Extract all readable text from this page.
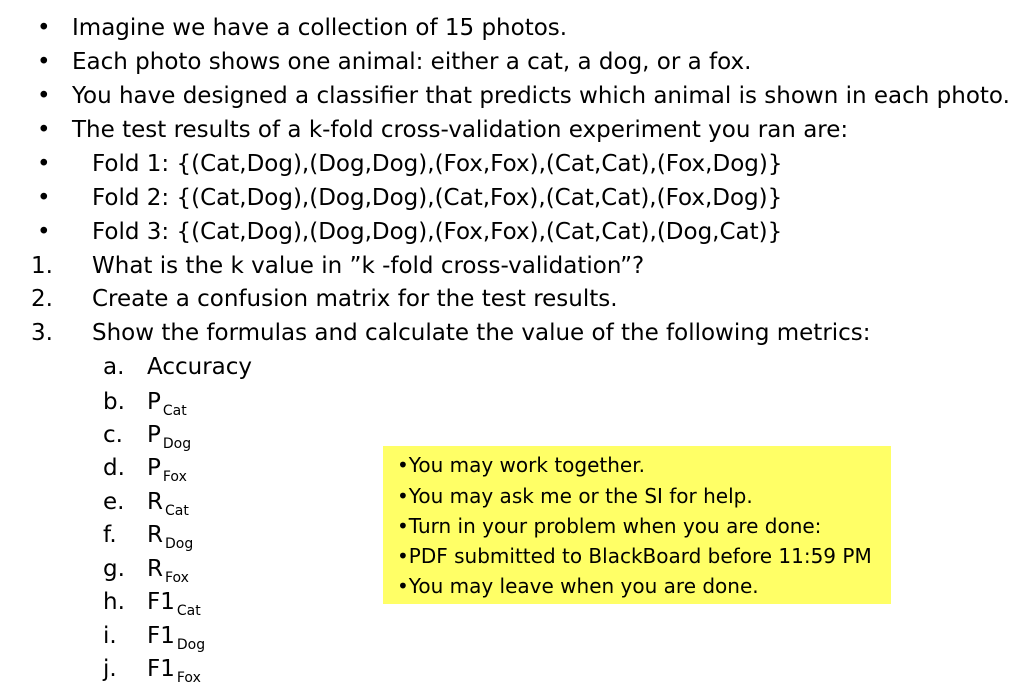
• Imagine we have a collection of 15 photos.
• Each photo shows one animal: either a cat, a dog, or a fox.
• You have designed a classifier that predicts which animal is shown in each photo.
• The test results of a k-fold cross-validation experiment you ran are:
• Fold 1: {(Cat,Dog),(Dog,Dog),(Fox,Fox),(Cat,Cat),(Fox,Dog)}
• Fold 2: {(Cat,Dog),(Dog,Dog),(Cat,Fox),(Cat,Cat),(Fox,Dog)}
• Fold 3: {(Cat,Dog),(Dog,Dog),(Fox,Fox),(Cat,Cat),(Dog,Cat)}
1. What is the k value in ”k -fold cross-validation”?
2. Create a confusion matrix for the test results.
3. Show the formulas and calculate the value of the following metrics:
a. Accuracy
b. P $_{Cat}$
c. P $_{Dog}$
d. P $_{Fox}$
e. R $_{Cat}$
f. R $_{Dog}$
g. R $_{Fox}$
h. F1 $_{Cat}$
i. F1 $_{Dog}$
j. F1 $_{Fox}$
•You may work together.
•You may ask me or the SI for help.
•Turn in your problem when you are done:
•PDF submitted to BlackBoard before 11:59 PM
•You may leave when you are done.
